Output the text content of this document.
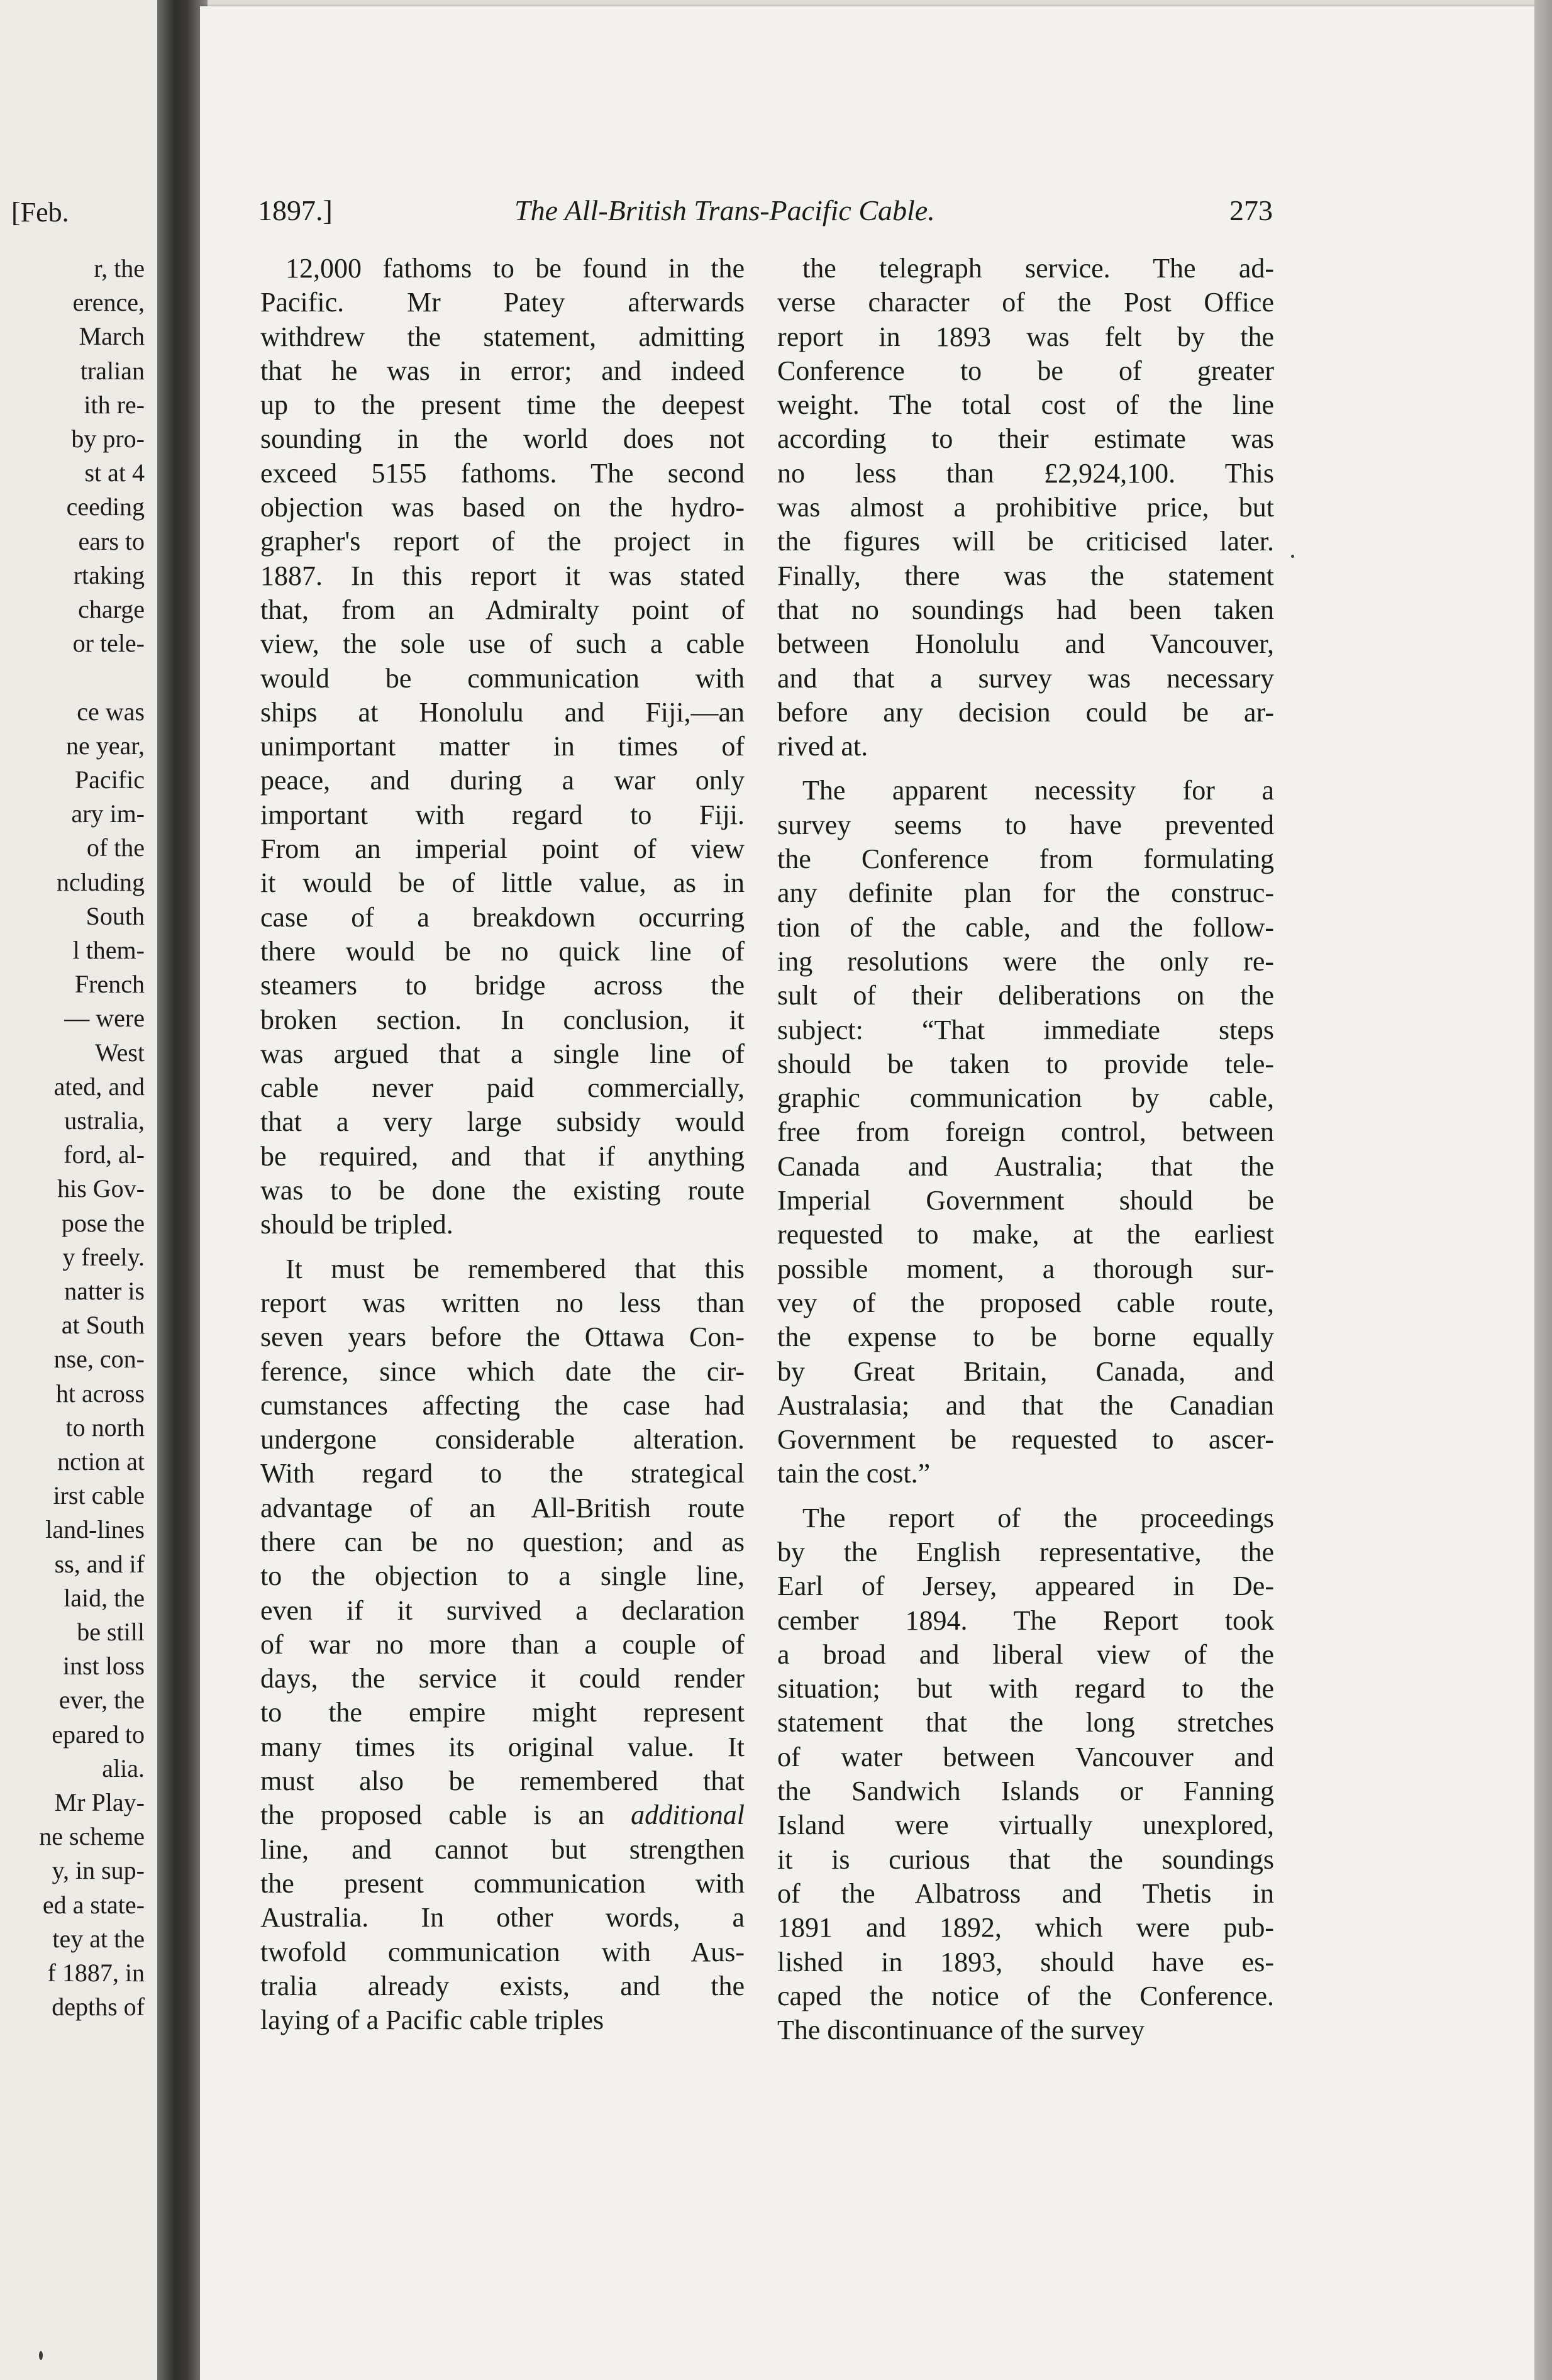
[Feb.
r, the
erence,
March
tralian
ith re-
by pro-
st at 4
ceeding
ears to
rtaking
charge
or tele-
ce was
ne year,
Pacific
ary im-
of the
ncluding
South
l them-
French
— were
West
ated, and
ustralia,
ford, al-
his Gov-
pose the
y freely.
natter is
at South
nse, con-
ht across
to north
nction at
irst cable
land-lines
ss, and if
laid, the
be still
inst loss
ever, the
epared to
alia.
Mr Play-
ne scheme
y, in sup-
ed a state-
tey at the
f 1887, in
depths of
1897.]	The All-British Trans-Pacific Cable.	273
12,000 fathoms to be found in the
Pacific. Mr Patey afterwards
withdrew the statement, admitting
that he was in error; and indeed
up to the present time the deepest
sounding in the world does not
exceed 5155 fathoms. The second
objection was based on the hydro-
grapher's report of the project in
1887. In this report it was stated
that, from an Admiralty point of
view, the sole use of such a cable
would be communication with
ships at Honolulu and Fiji,—an
unimportant matter in times of
peace, and during a war only
important with regard to Fiji.
From an imperial point of view
it would be of little value, as in
case of a breakdown occurring
there would be no quick line of
steamers to bridge across the
broken section. In conclusion, it
was argued that a single line of
cable never paid commercially,
that a very large subsidy would
be required, and that if anything
was to be done the existing route
should be tripled.
It must be remembered that this
report was written no less than
seven years before the Ottawa Con-
ference, since which date the cir-
cumstances affecting the case had
undergone considerable alteration.
With regard to the strategical
advantage of an All-British route
there can be no question; and as
to the objection to a single line,
even if it survived a declaration
of war no more than a couple of
days, the service it could render
to the empire might represent
many times its original value. It
must also be remembered that
the proposed cable is an additional
line, and cannot but strengthen
the present communication with
Australia. In other words, a
twofold communication with Aus-
tralia already exists, and the
laying of a Pacific cable triples
the telegraph service. The ad-
verse character of the Post Office
report in 1893 was felt by the
Conference to be of greater
weight. The total cost of the line
according to their estimate was
no less than £2,924,100. This
was almost a prohibitive price, but
the figures will be criticised later.
Finally, there was the statement
that no soundings had been taken
between Honolulu and Vancouver,
and that a survey was necessary
before any decision could be ar-
rived at.
The apparent necessity for a
survey seems to have prevented
the Conference from formulating
any definite plan for the construc-
tion of the cable, and the follow-
ing resolutions were the only re-
sult of their deliberations on the
subject: “That immediate steps
should be taken to provide tele-
graphic communication by cable,
free from foreign control, between
Canada and Australia; that the
Imperial Government should be
requested to make, at the earliest
possible moment, a thorough sur-
vey of the proposed cable route,
the expense to be borne equally
by Great Britain, Canada, and
Australasia; and that the Canadian
Government be requested to ascer-
tain the cost.”
The report of the proceedings
by the English representative, the
Earl of Jersey, appeared in De-
cember 1894. The Report took
a broad and liberal view of the
situation; but with regard to the
statement that the long stretches
of water between Vancouver and
the Sandwich Islands or Fanning
Island were virtually unexplored,
it is curious that the soundings
of the Albatross and Thetis in
1891 and 1892, which were pub-
lished in 1893, should have es-
caped the notice of the Conference.
The discontinuance of the survey
